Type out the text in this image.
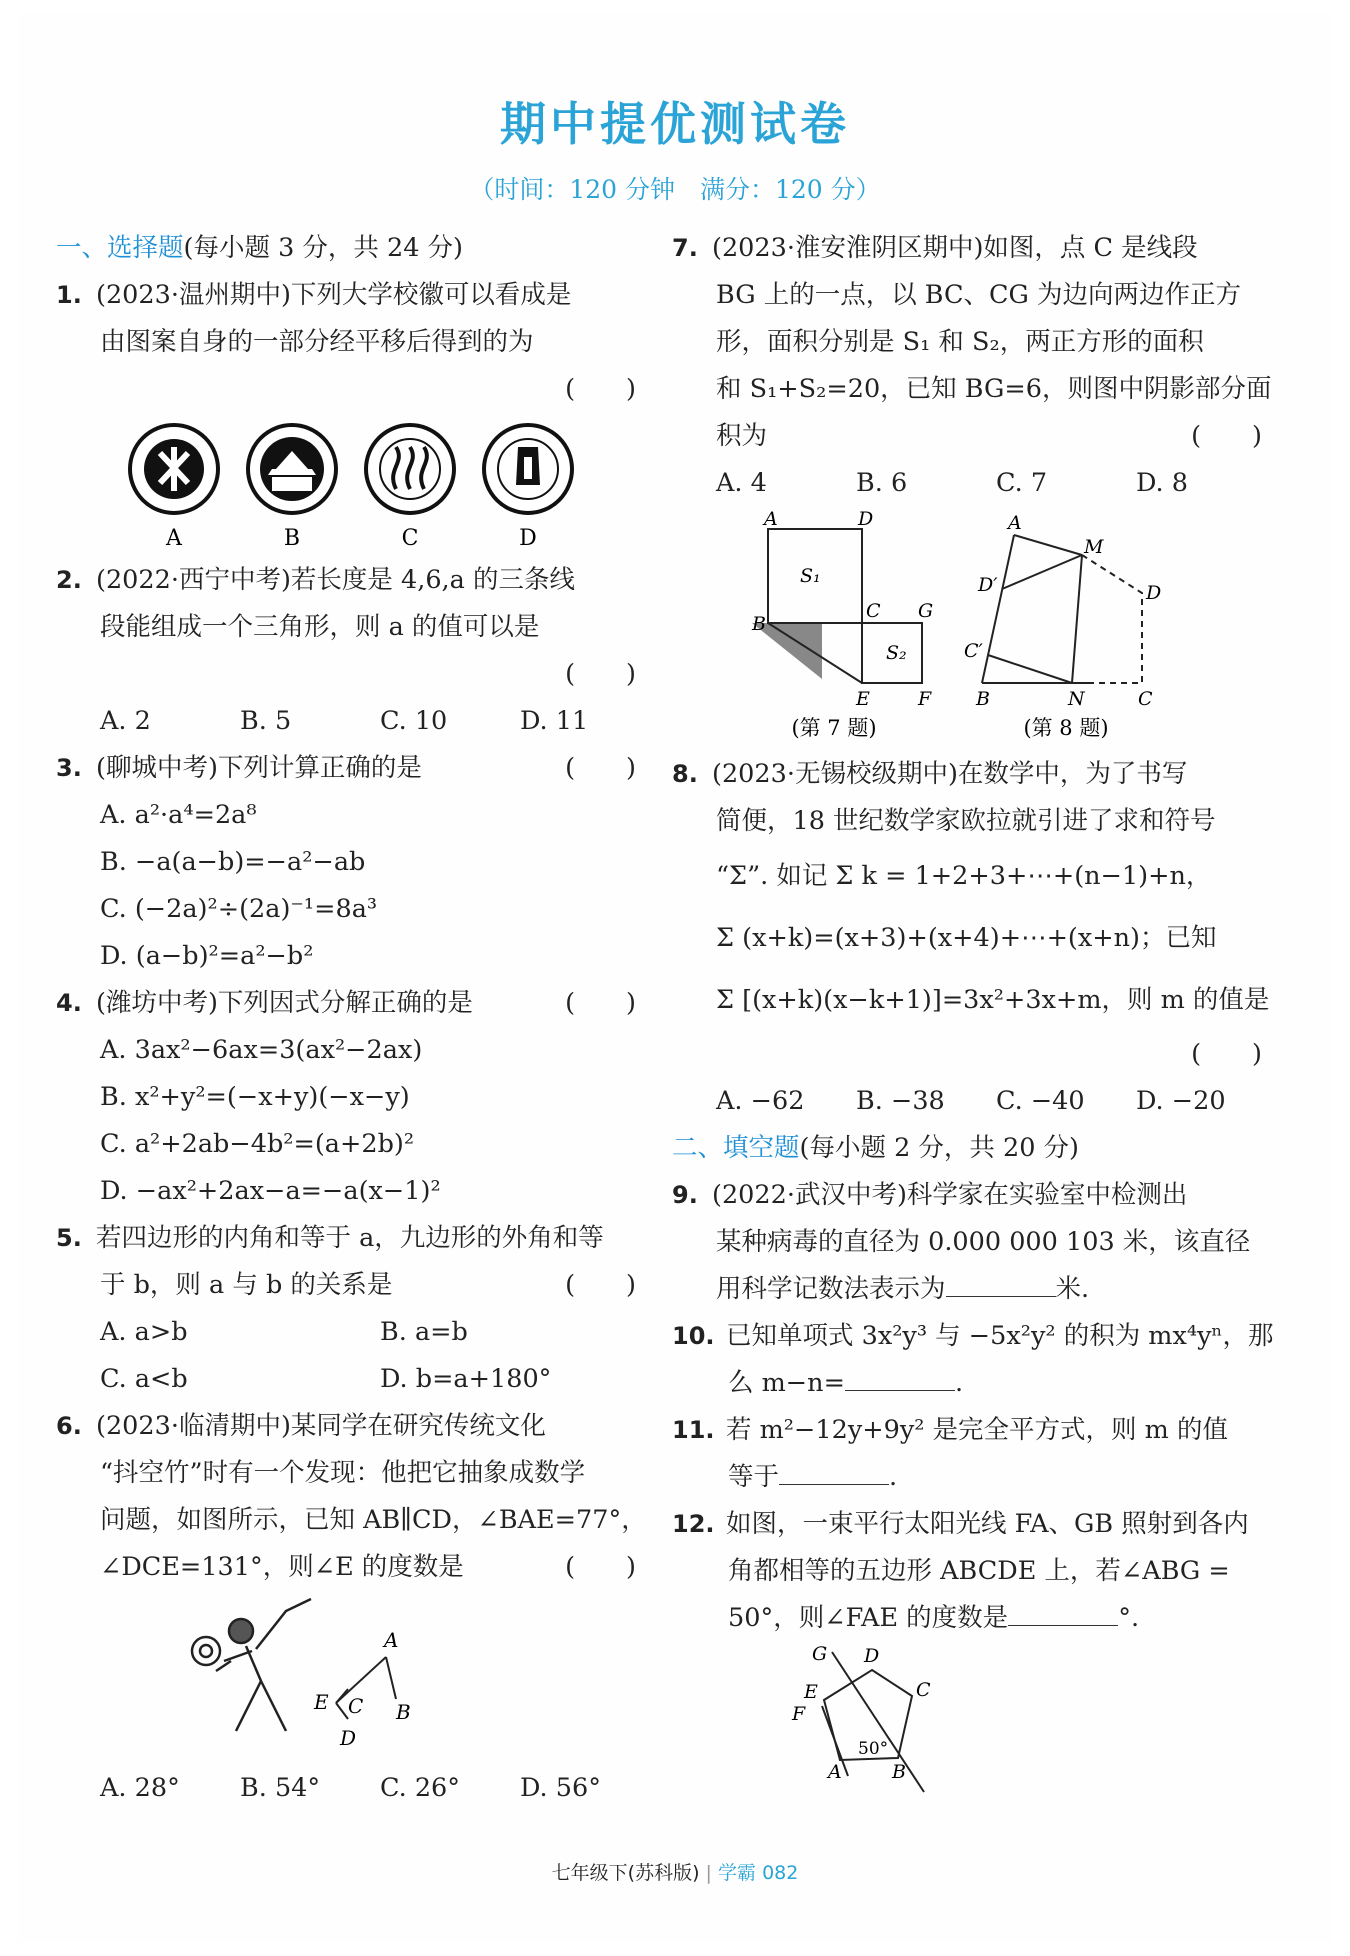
期中提优测试卷
（时间：120 分钟　满分：120 分）
一、选择题(每小题 3 分，共 24 分)
1. (2023·温州期中)下列大学校徽可以看成是
由图案自身的一部分经平移后得到的为
(　　)
A	B	C	D
2. (2022·西宁中考)若长度是 4,6,a 的三条线
段能组成一个三角形，则 a 的值可以是
(　　)
A. 2	B. 5	C. 10	D. 11
3. (聊城中考)下列计算正确的是	(　　)
A. a²·a⁴=2a⁸
B. −a(a−b)=−a²−ab
C. (−2a)²÷(2a)⁻¹=8a³
D. (a−b)²=a²−b²
4. (潍坊中考)下列因式分解正确的是	(　　)
A. 3ax²−6ax=3(ax²−2ax)
B. x²+y²=(−x+y)(−x−y)
C. a²+2ab−4b²=(a+2b)²
D. −ax²+2ax−a=−a(x−1)²
5. 若四边形的内角和等于 a，九边形的外角和等
于 b，则 a 与 b 的关系是	(　　)
A. a>b	B. a=b
C. a<b	D. b=a+180°
6. (2023·临清期中)某同学在研究传统文化
“抖空竹”时有一个发现：他把它抽象成数学
问题，如图所示，已知 AB∥CD，∠BAE=77°，
∠DCE=131°，则∠E 的度数是	(　　)
A
B
E C
D
A. 28°	B. 54°	C. 26°	D. 56°
7. (2023·淮安淮阴区期中)如图，点 C 是线段
BG 上的一点，以 BC、CG 为边向两边作正方
形，面积分别是 S₁ 和 S₂，两正方形的面积
和 S₁+S₂=20，已知 BG=6，则图中阴影部分面
积为	(　　)
A. 4	B. 6	C. 7	D. 8
A	D
S₁
B
C G
S₂
E	F
(第 7 题)
A
M
D′	D
C′
B	N	C
(第 8 题)
8. (2023·无锡校级期中)在数学中，为了书写
简便，18 世纪数学家欧拉就引进了求和符号
“Σ”. 如记 Σ k = 1+2+3+⋯+(n−1)+n，
Σ (x+k)=(x+3)+(x+4)+⋯+(x+n)；已知
Σ [(x+k)(x−k+1)]=3x²+3x+m，则 m 的值是
(　　)
A. −62	B. −38	C. −40	D. −20
二、填空题(每小题 2 分，共 20 分)
9. (2022·武汉中考)科学家在实验室中检测出
某种病毒的直径为 0.000 000 103 米，该直径
用科学记数法表示为	米.
10. 已知单项式 3x²y³ 与 −5x²y² 的积为 mx⁴yⁿ，那
么 m−n=	.
11. 若 m²−12y+9y² 是完全平方式，则 m 的值
等于	.
12. 如图，一束平行太阳光线 FA、GB 照射到各内
角都相等的五边形 ABCDE 上，若∠ABG =
50°，则∠FAE 的度数是	°.
G D
E	C
F
50°
A	B
七年级下(苏科版) | 学霸 082
